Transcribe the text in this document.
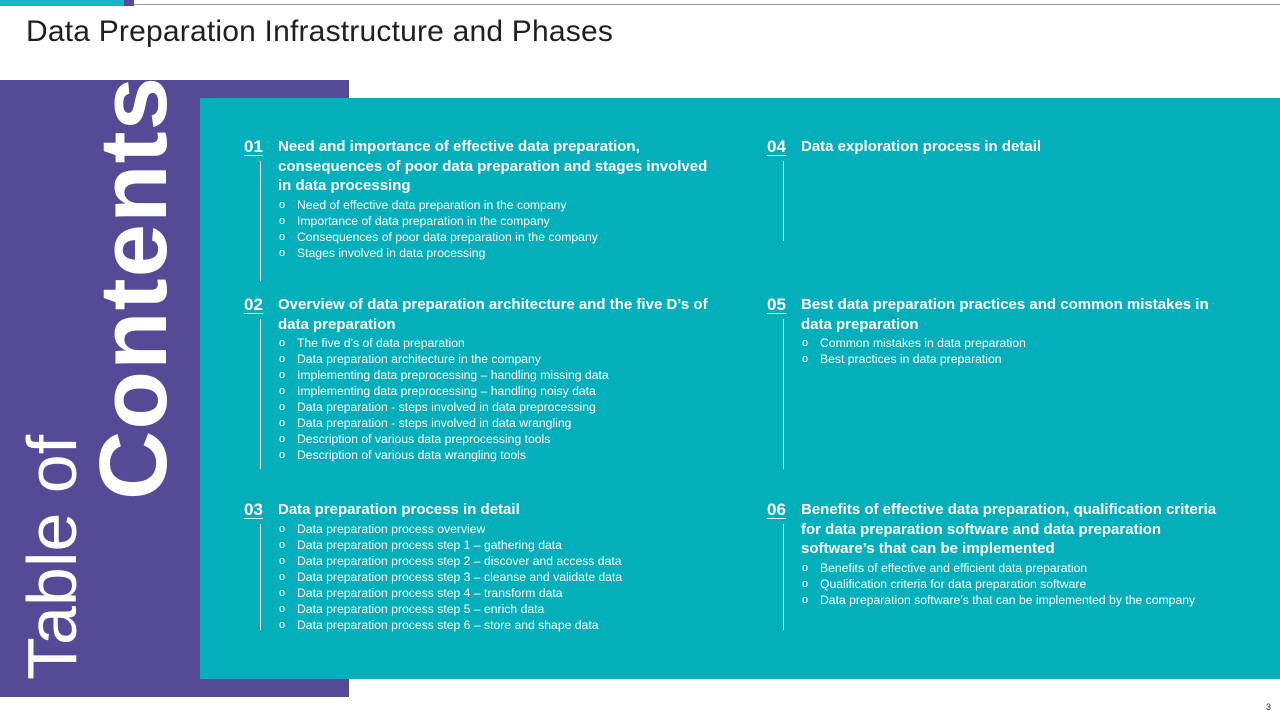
Data Preparation Infrastructure and Phases
Table of
Contents	01 Need and importance of effective data preparation, consequences of poor data preparation and stages involved in data processing

o Need of effective data preparation in the company
o Importance of data preparation in the company
o Consequences of poor data preparation in the company
o Stages involved in data processing
02 Overview of data preparation architecture and the five D’s of data preparation

o The five d’s of data preparation
o Data preparation architecture in the company
o Implementing data preprocessing – handling missing data
o Implementing data preprocessing – handling noisy data
o Data preparation - steps involved in data preprocessing
o Data preparation - steps involved in data wrangling
o Description of various data preprocessing tools
o Description of various data wrangling tools
03 Data preparation process in detail

o Data preparation process overview
o Data preparation process step 1 – gathering data
o Data preparation process step 2 – discover and access data
o Data preparation process step 3 – cleanse and validate data
o Data preparation process step 4 – transform data
o Data preparation process step 5 – enrich data
o Data preparation process step 6 – store and shape data
04 Data exploration process in detail

05 Best data preparation practices and common mistakes in data preparation

o Common mistakes in data preparation
o Best practices in data preparation
06 Benefits of effective data preparation, qualification criteria for data preparation software and data preparation software’s that can be implemented

o Benefits of effective and efficient data preparation
o Qualification criteria for data preparation software
o Data preparation software’s that can be implemented by the company
3
